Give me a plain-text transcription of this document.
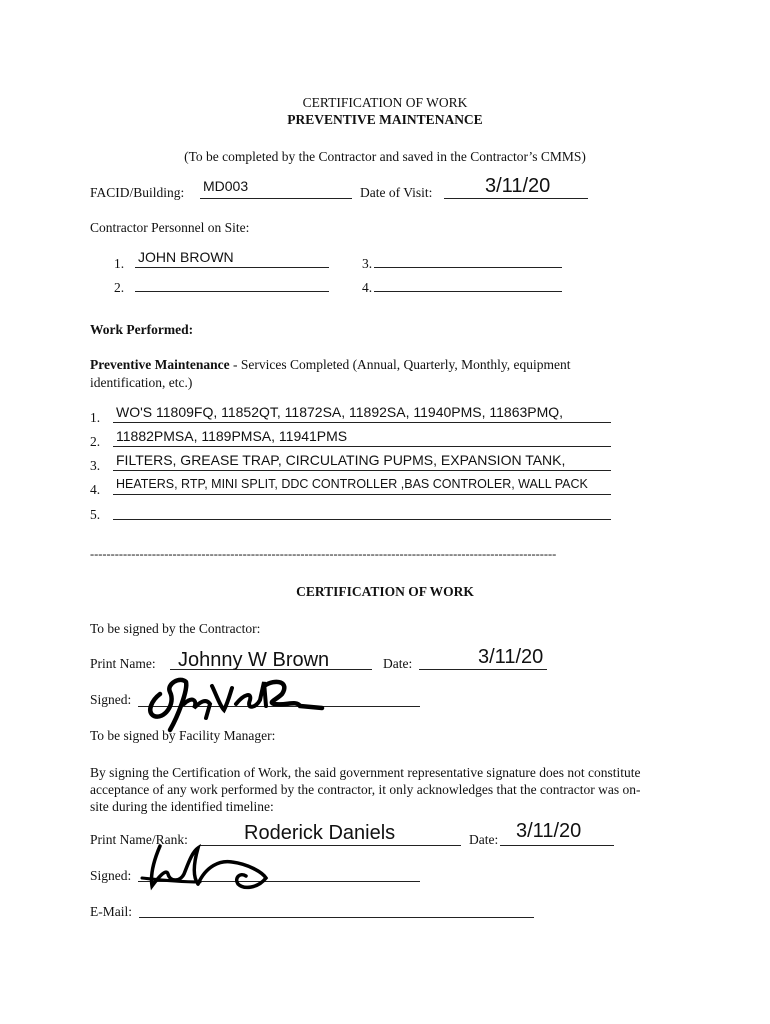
CERTIFICATION OF WORK
PREVENTIVE MAINTENANCE
(To be completed by the Contractor and saved in the Contractor’s CMMS)
FACID/Building: MD003	Date of Visit:	3/11/20
Contractor Personnel on Site:
1. JOHN BROWN	3.
2.	4.
Work Performed:
Preventive Maintenance - Services Completed (Annual, Quarterly, Monthly, equipment
identification, etc.)
1. WO'S 11809FQ, 11852QT, 11872SA, 11892SA, 11940PMS, 11863PMQ,
2. 11882PMSA, 1189PMSA, 11941PMS
3. FILTERS, GREASE TRAP, CIRCULATING PUPMS, EXPANSION TANK,
4. HEATERS, RTP, MINI SPLIT, DDC CONTROLLER ,BAS CONTROLER, WALL PACK
5.
-----------------------------------------------------------------------------------------------------------------
CERTIFICATION OF WORK
To be signed by the Contractor:
Print Name: Johnny W Brown	Date:	3/11/20
Signed:
To be signed by Facility Manager:
By signing the Certification of Work, the said government representative signature does not constitute acceptance of any work performed by the contractor, it only acknowledges that the contractor was on-site during the identified timeline:
Print Name/Rank:	Roderick Daniels	Date: 3/11/20
Signed:
E-Mail:
